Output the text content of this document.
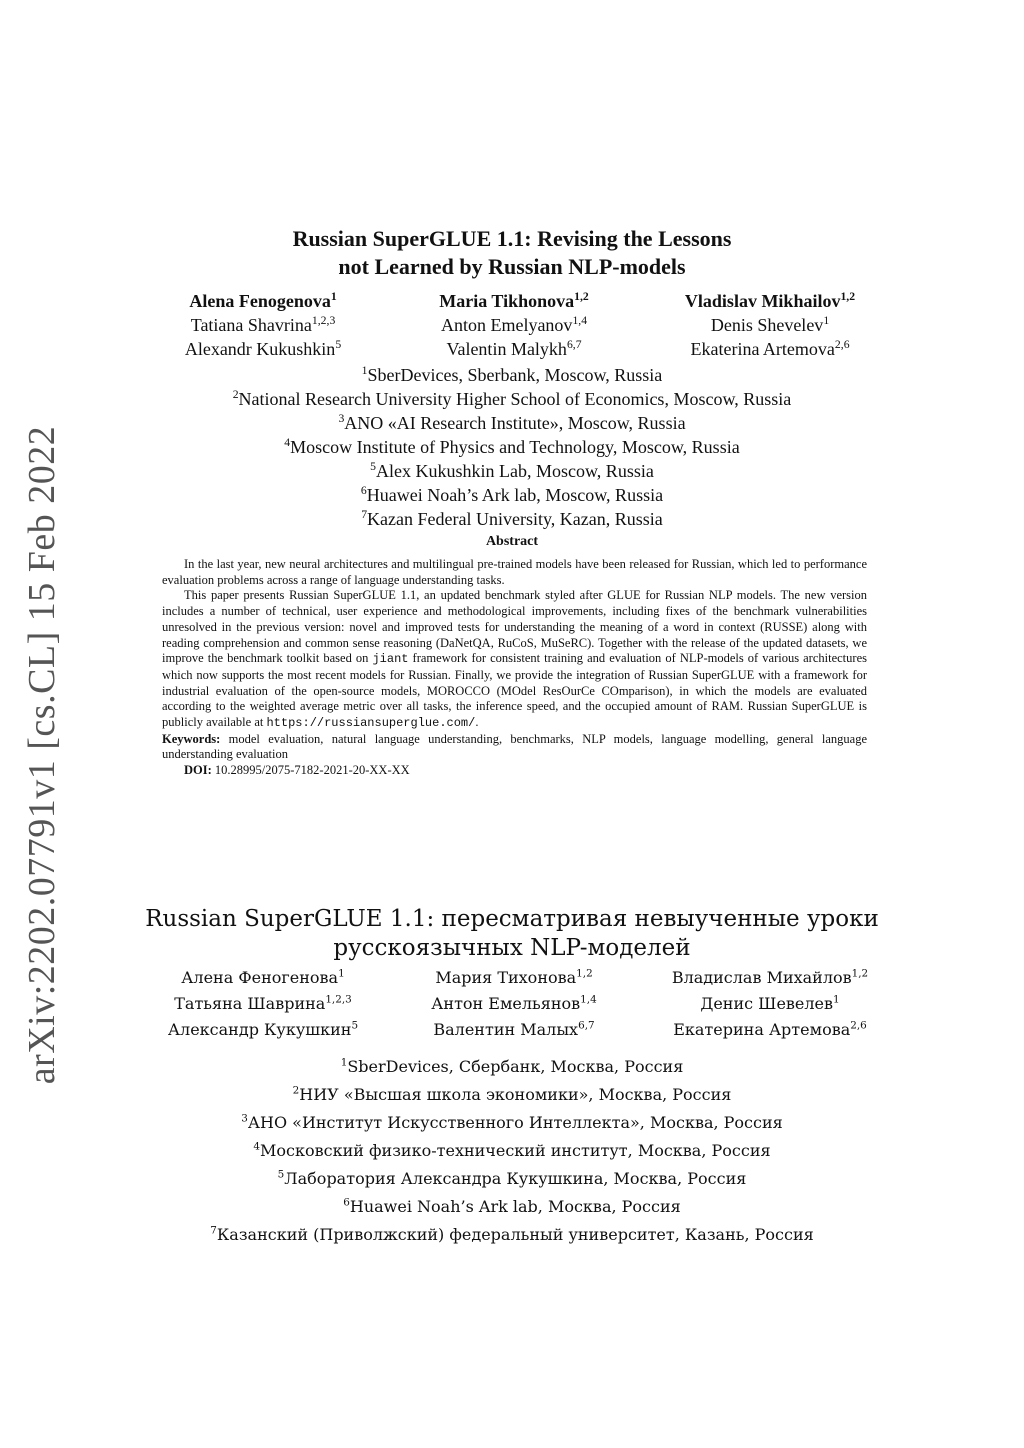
arXiv:2202.07791v1 [cs.CL] 15 Feb 2022
Russian SuperGLUE 1.1: Revising the Lessons
not Learned by Russian NLP-models
Alena Fenogenova$^1$	Maria Tikhonova$^{1,2}$	Vladislav Mikhailov$^{1,2}$
Tatiana Shavrina$^{1,2,3}$	Anton Emelyanov$^{1,4}$	Denis Shevelev$^1$
Alexandr Kukushkin$^5$	Valentin Malykh$^{6,7}$	Ekaterina Artemova$^{2,6}$
$^1$SberDevices, Sberbank, Moscow, Russia
$^2$National Research University Higher School of Economics, Moscow, Russia
$^3$ANO «AI Research Institute», Moscow, Russia
$^4$Moscow Institute of Physics and Technology, Moscow, Russia
$^5$Alex Kukushkin Lab, Moscow, Russia
$^6$Huawei Noah’s Ark lab, Moscow, Russia
$^7$Kazan Federal University, Kazan, Russia
Abstract

In the last year, new neural architectures and multilingual pre-trained models have been released for Russian, which led to performance evaluation problems across a range of language understanding tasks.

This paper presents Russian SuperGLUE 1.1, an updated benchmark styled after GLUE for Russian NLP models. The new version includes a number of technical, user experience and methodological improvements, including fixes of the benchmark vulnerabilities unresolved in the previous version: novel and improved tests for understanding the meaning of a word in context (RUSSE) along with reading comprehension and common sense reasoning (DaNetQA, RuCoS, MuSeRC). Together with the release of the updated datasets, we improve the benchmark toolkit based on jiant framework for consistent training and evaluation of NLP-models of various architectures which now supports the most recent models for Russian. Finally, we provide the integration of Russian SuperGLUE with a framework for industrial evaluation of the open-source models, MOROCCO (MOdel ResOurCe COmparison), in which the models are evaluated according to the weighted average metric over all tasks, the inference speed, and the occupied amount of RAM. Russian SuperGLUE is publicly available at https://russiansuperglue.com/.

Keywords: model evaluation, natural language understanding, benchmarks, NLP models, language modelling, general language understanding evaluation
DOI: 10.28995/2075-7182-2021-20-XX-XX
Russian SuperGLUE 1.1: пересматривая невыученные уроки
русскоязычных NLP-моделей
Алена Феногенова$^1$	Мария Тихонова$^{1,2}$	Владислав Михайлов$^{1,2}$
Татьяна Шаврина$^{1,2,3}$	Антон Емельянов$^{1,4}$	Денис Шевелев$^1$
Александр Кукушкин$^5$	Валентин Малых$^{6,7}$	Екатерина Артемова$^{2,6}$
$^1$SberDevices, Сбербанк, Москва, Россия
$^2$НИУ «Высшая школа экономики», Москва, Россия
$^3$АНО «Институт Искусственного Интеллекта», Москва, Россия
$^4$Московский физико-технический институт, Москва, Россия
$^5$Лаборатория Александра Кукушкина, Москва, Россия
$^6$Huawei Noah’s Ark lab, Москва, Россия
$^7$Казанский (Приволжский) федеральный университет, Казань, Россия
